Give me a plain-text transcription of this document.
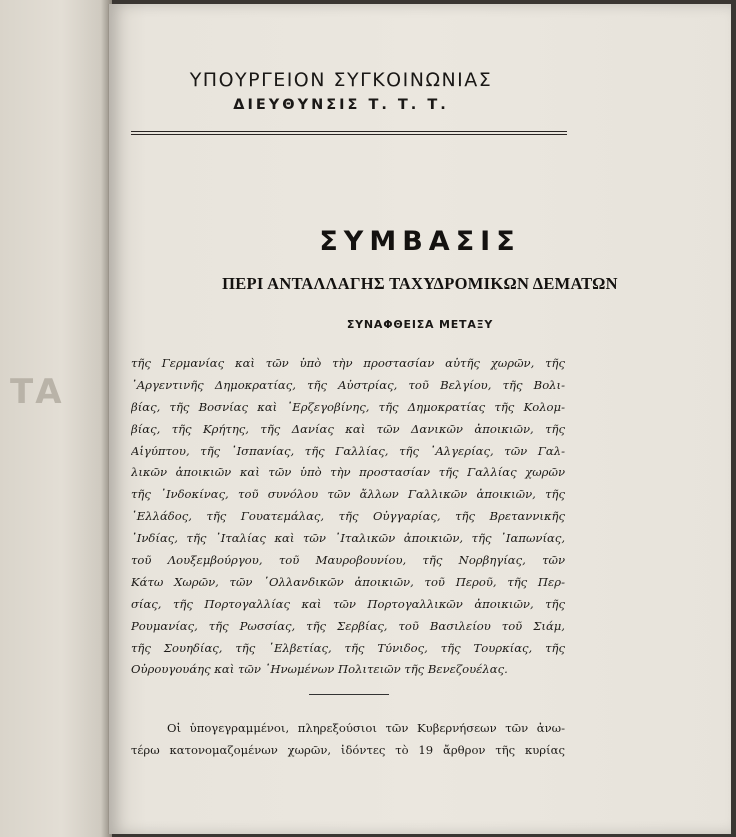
ΤΑ
ΥΠΟΥΡΓΕΙΟΝ ΣΥΓΚΟΙΝΩΝΙΑΣ
ΔΙΕΥΘΥΝΣΙΣ Τ. Τ. Τ.
ΣΥΜΒΑΣΙΣ
ΠΕΡΙ ΑΝΤΑΛΛΑΓΗΣ ΤΑΧΥΔΡΟΜΙΚΩΝ ΔΕΜΑΤΩΝ
ΣΥΝΑΦΘΕΙΣΑ ΜΕΤΑΞΥ
τῆς Γερμανίας καὶ τῶν ὑπὸ τὴν προστασίαν αὐτῆς χωρῶν, τῆς
᾿Αργεντινῆς Δημοκρατίας, τῆς Αὐστρίας, τοῦ Βελγίου, τῆς Βολι-
βίας, τῆς Βοσνίας καὶ ᾿Ερζεγοβίνης, τῆς Δημοκρατίας τῆς Κολομ-
βίας, τῆς Κρήτης, τῆς Δανίας καὶ τῶν Δανικῶν ἀποικιῶν, τῆς
Αἰγύπτου, τῆς ᾿Ισπανίας, τῆς Γαλλίας, τῆς ᾿Αλγερίας, τῶν Γαλ-
λικῶν ἀποικιῶν καὶ τῶν ὑπὸ τὴν προστασίαν τῆς Γαλλίας χωρῶν
τῆς ᾿Ινδοκίνας, τοῦ συνόλου τῶν ἄλλων Γαλλικῶν ἀποικιῶν, τῆς
῾Ελλάδος, τῆς Γουατεμάλας, τῆς Οὐγγαρίας, τῆς Βρεταννικῆς
᾿Ινδίας, τῆς ᾿Ιταλίας καὶ τῶν ᾿Ιταλικῶν ἀποικιῶν, τῆς ᾿Ιαπωνίας,
τοῦ Λουξεμβούργου, τοῦ Μαυροβουνίου, τῆς Νορβηγίας, τῶν
Κάτω Χωρῶν, τῶν ῾Ολλανδικῶν ἀποικιῶν, τοῦ Περοῦ, τῆς Περ-
σίας, τῆς Πορτογαλλίας καὶ τῶν Πορτογαλλικῶν ἀποικιῶν, τῆς
Ρουμανίας, τῆς Ρωσσίας, τῆς Σερβίας, τοῦ Βασιλείου τοῦ Σιάμ,
τῆς Σουηδίας, τῆς ῾Ελβετίας, τῆς Τύνιδος, τῆς Τουρκίας, τῆς
Οὐρουγουάης καὶ τῶν ῾Ηνωμένων Πολιτειῶν τῆς Βενεζουέλας.
Οἱ ὑπογεγραμμένοι, πληρεξούσιοι τῶν Κυβερνήσεων τῶν ἀνω-
τέρω κατονομαζομένων χωρῶν, ἰδόντες τὸ 19 ἄρθρον τῆς κυρίας
